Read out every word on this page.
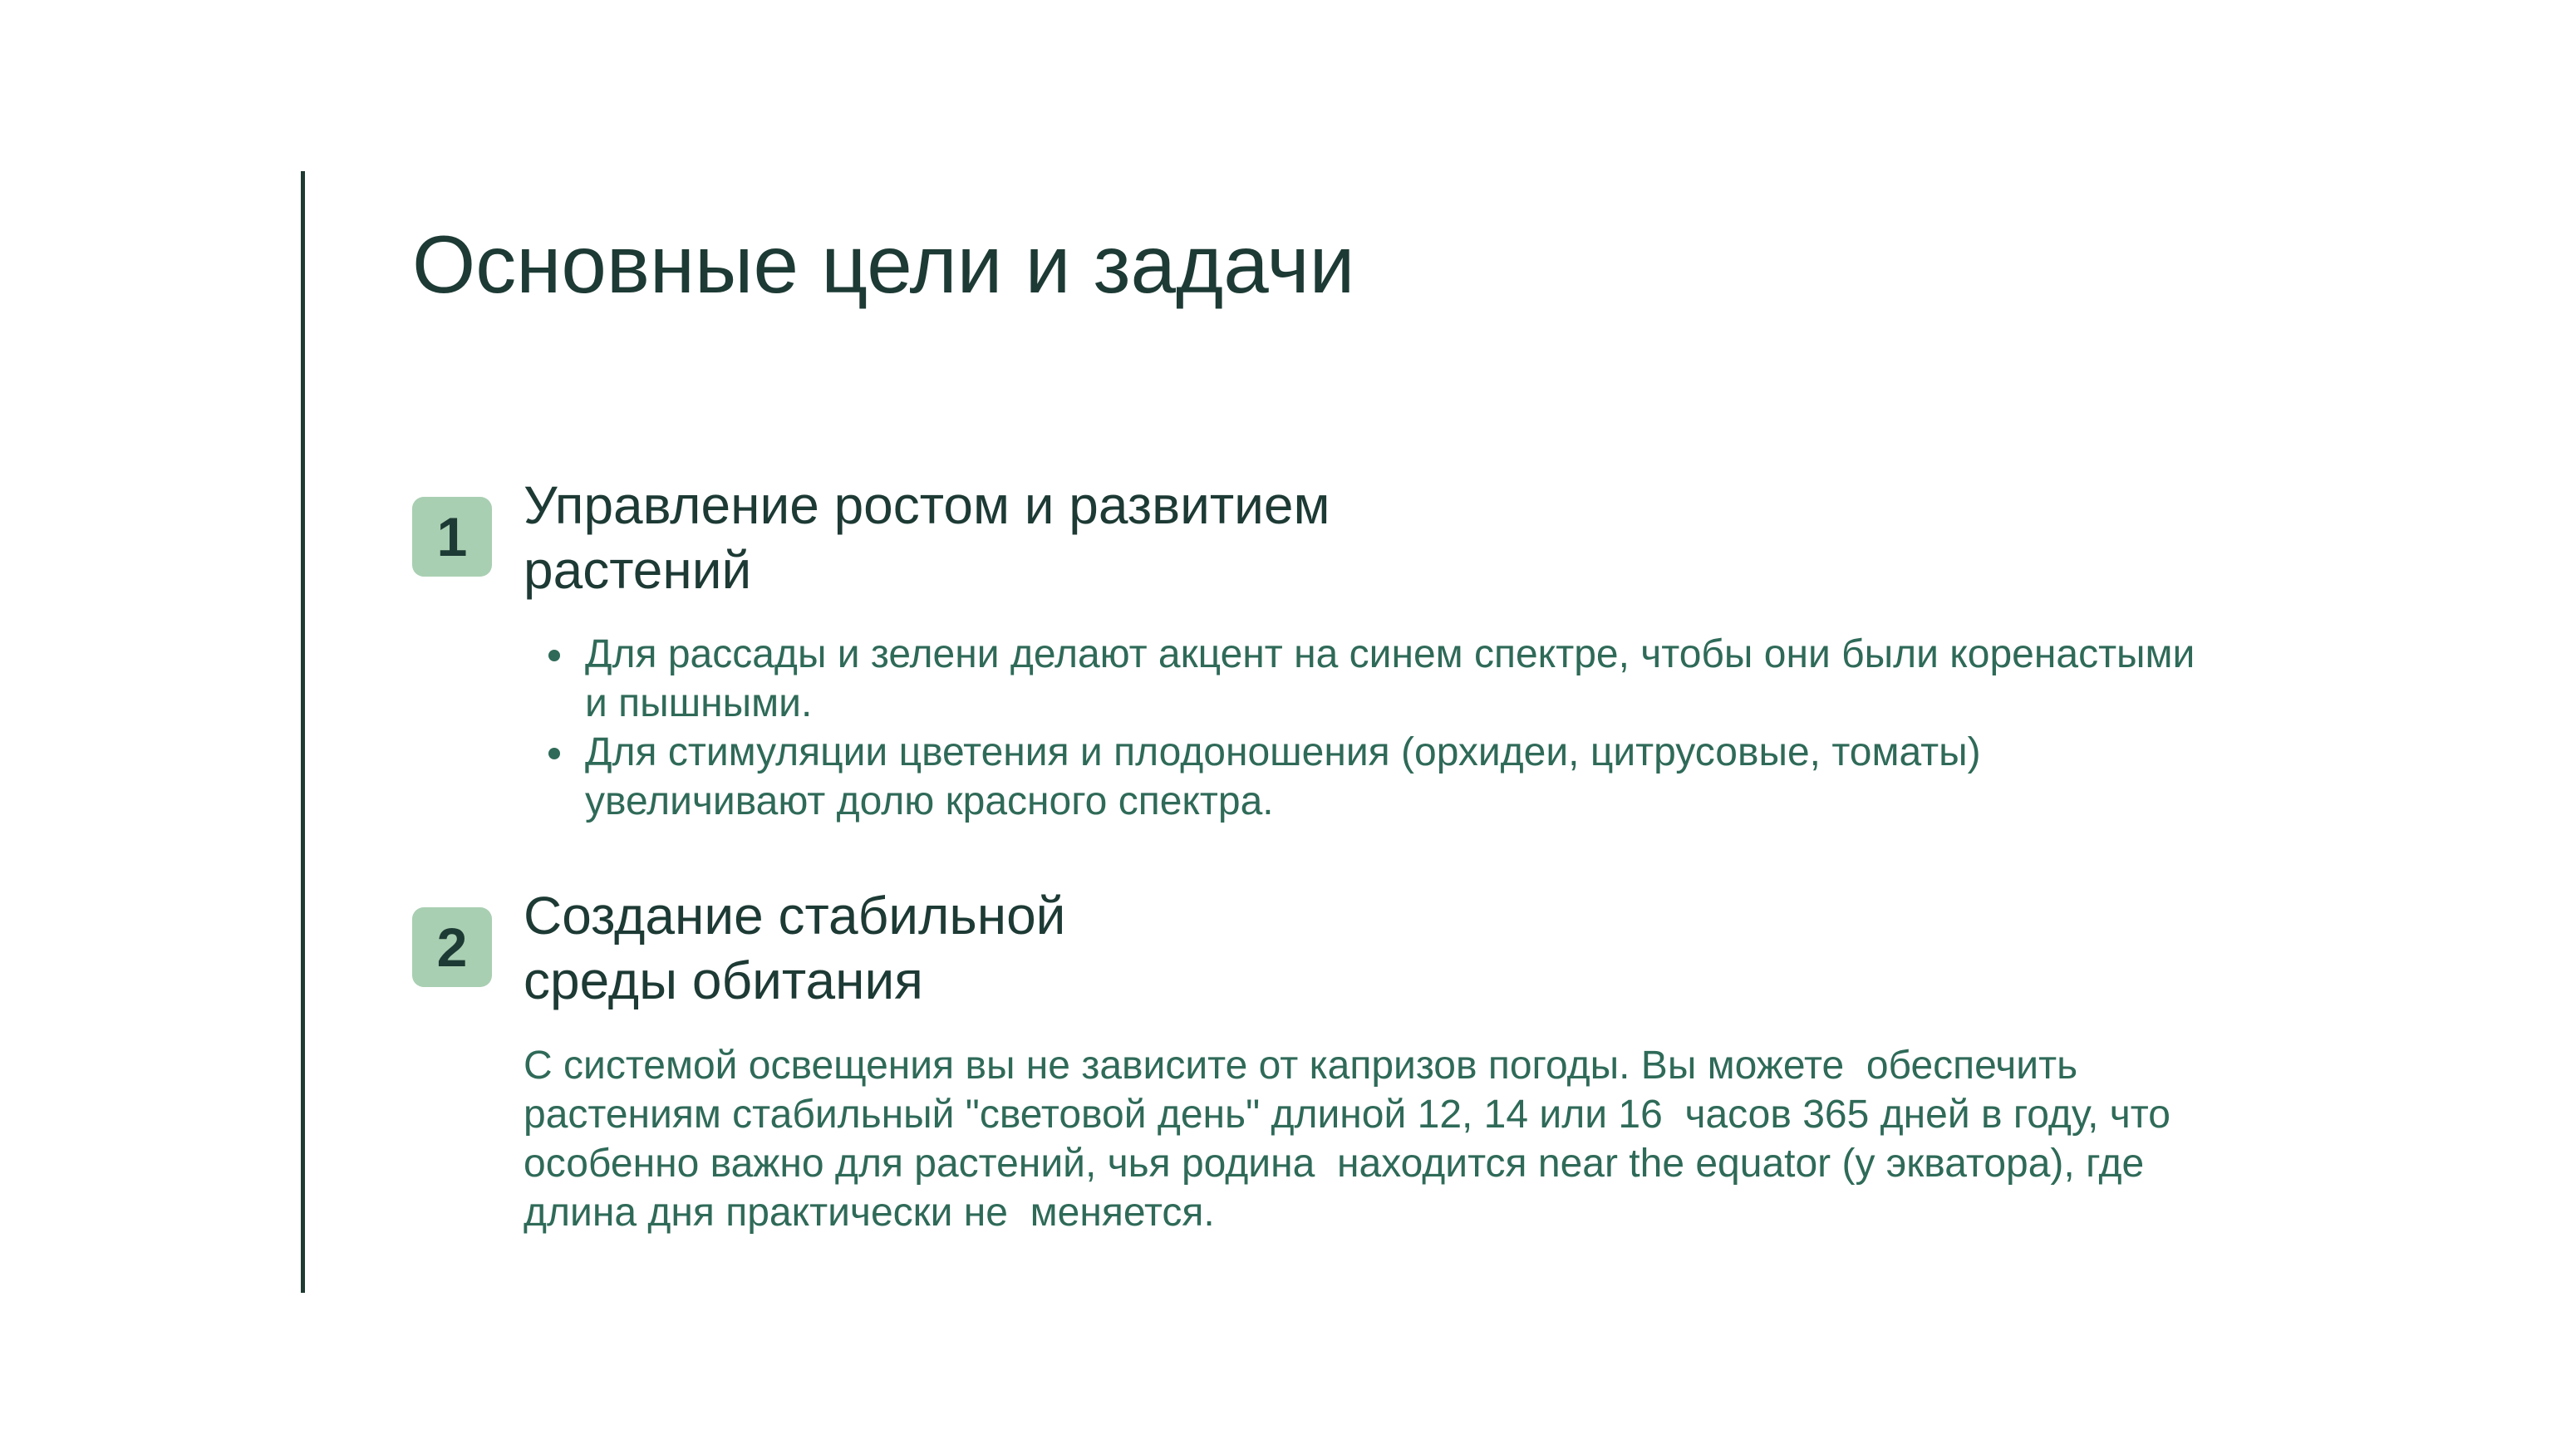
Основные цели и задачи
1
Управление ростом и развитием
растений
Для рассады и зелени делают акцент на синем спектре, чтобы они были коренастыми
и пышными.
Для стимуляции цветения и плодоношения (орхидеи, цитрусовые, томаты)
увеличивают долю красного спектра.
2
Создание стабильной
среды обитания

С системой освещения вы не зависите от капризов погоды. Вы можете  обеспечить
растениям стабильный "световой день" длиной 12, 14 или 16  часов 365 дней в году, что
особенно важно для растений, чья родина  находится near the equator (у экватора), где
длина дня практически не  меняется.
